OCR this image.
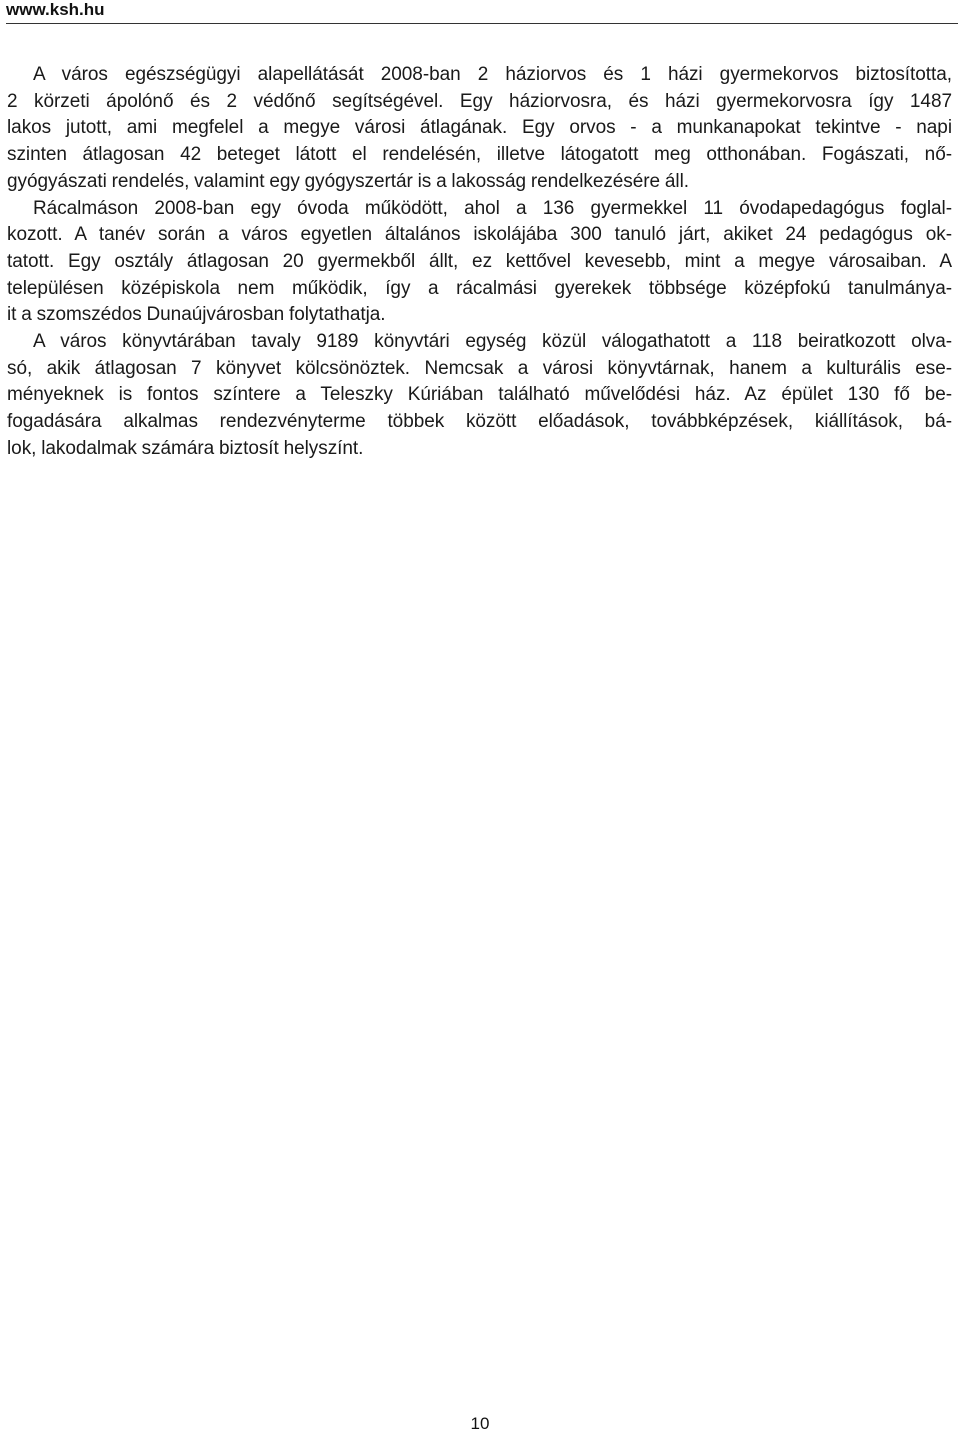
www.ksh.hu
A város egészségügyi alapellátását 2008-ban 2 háziorvos és 1 házi gyermekorvos biztosította,
2 körzeti ápolónő és 2 védőnő segítségével. Egy háziorvosra, és házi gyermekorvosra így 1487
lakos jutott, ami megfelel a megye városi átlagának. Egy orvos - a munkanapokat tekintve - napi
szinten átlagosan 42 beteget látott el rendelésén, illetve látogatott meg otthonában. Fogászati, nő-
gyógyászati rendelés, valamint egy gyógyszertár is a lakosság rendelkezésére áll.
Rácalmáson 2008-ban egy óvoda működött, ahol a 136 gyermekkel 11 óvodapedagógus foglal-
kozott. A tanév során a város egyetlen általános iskolájába 300 tanuló járt, akiket 24 pedagógus ok-
tatott. Egy osztály átlagosan 20 gyermekből állt, ez kettővel kevesebb, mint a megye városaiban. A
településen középiskola nem működik, így a rácalmási gyerekek többsége középfokú tanulmánya-
it a szomszédos Dunaújvárosban folytathatja.
A város könyvtárában tavaly 9189 könyvtári egység közül válogathatott a 118 beiratkozott olva-
só, akik átlagosan 7 könyvet kölcsönöztek. Nemcsak a városi könyvtárnak, hanem a kulturális ese-
ményeknek is fontos színtere a Teleszky Kúriában található művelődési ház. Az épület 130 fő be-
fogadására alkalmas rendezvényterme többek között előadások, továbbképzések, kiállítások, bá-
lok, lakodalmak számára biztosít helyszínt.
10
